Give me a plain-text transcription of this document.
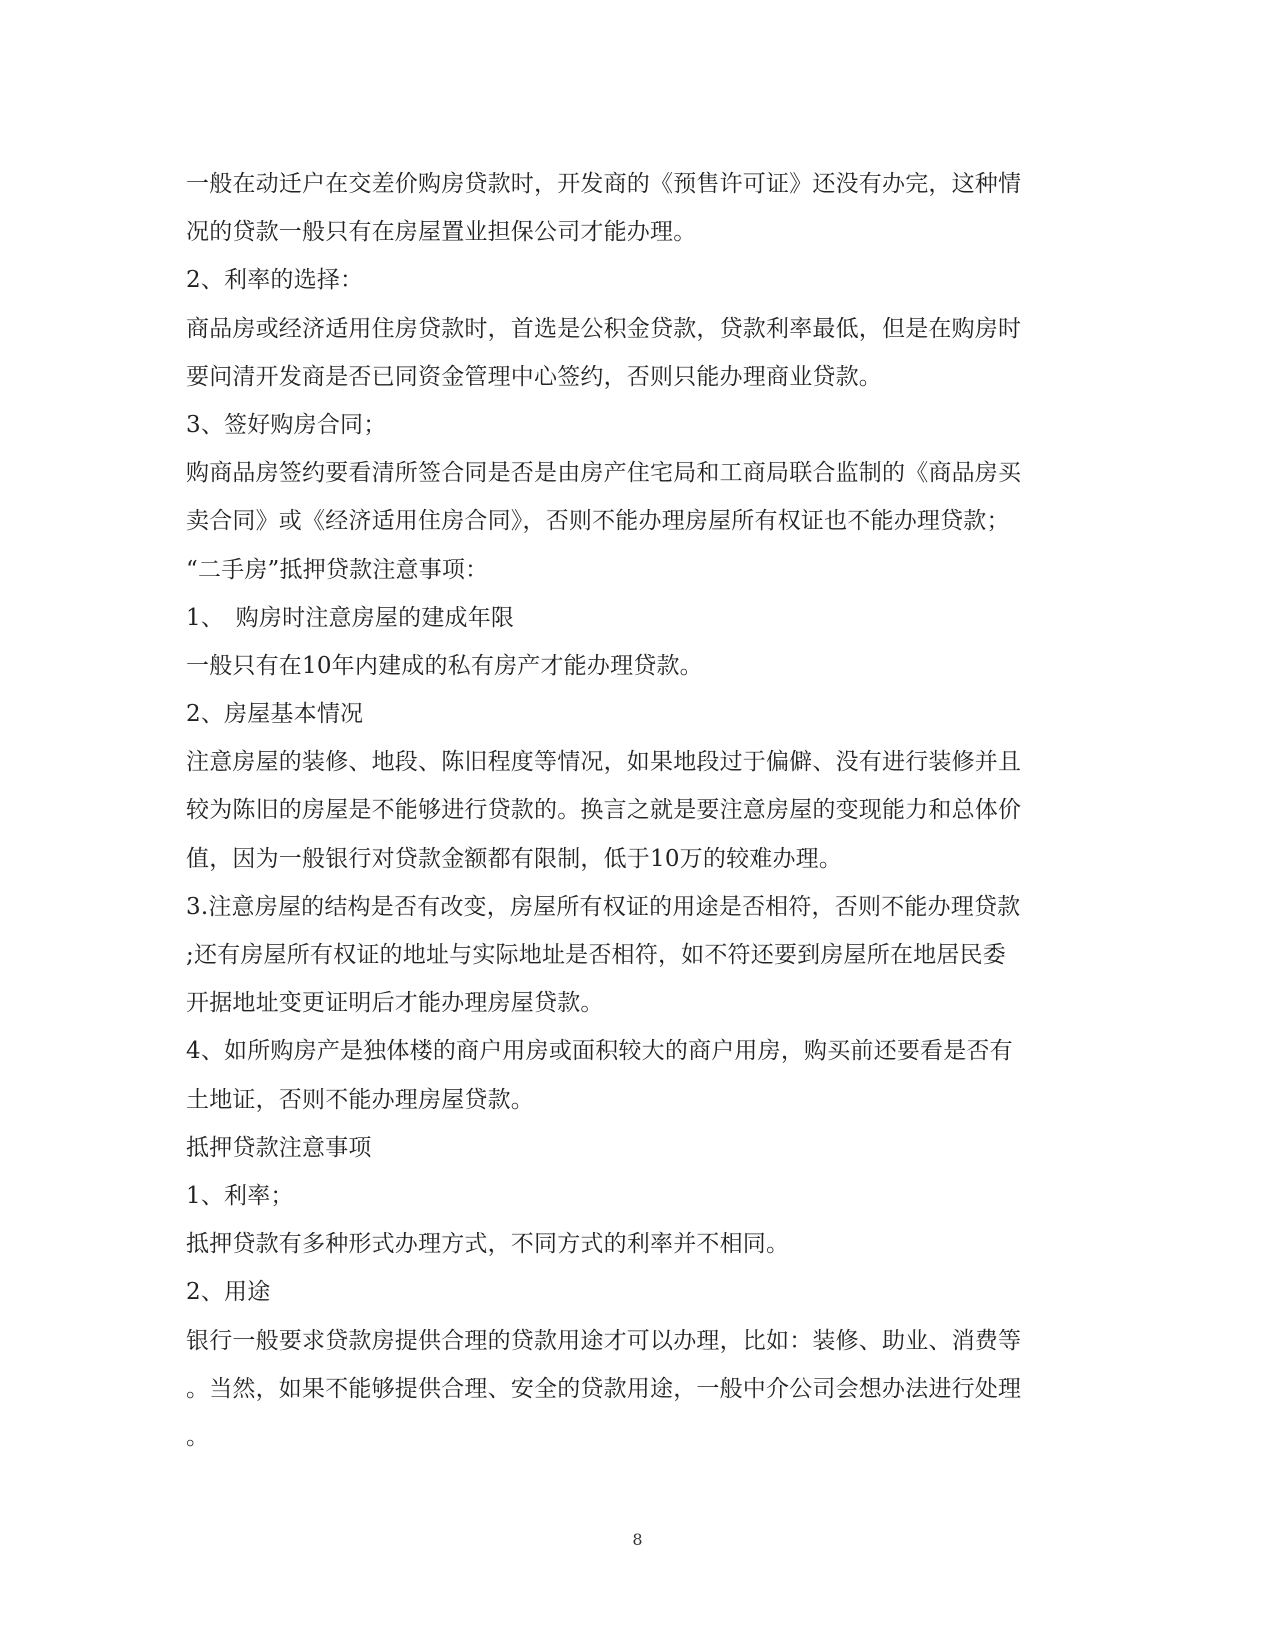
一般在动迁户在交差价购房贷款时，开发商的《预售许可证》还没有办完，这种情
况的贷款一般只有在房屋置业担保公司才能办理。
2、利率的选择：
商品房或经济适用住房贷款时，首选是公积金贷款，贷款利率最低，但是在购房时
要问清开发商是否已同资金管理中心签约，否则只能办理商业贷款。
3、签好购房合同；
购商品房签约要看清所签合同是否是由房产住宅局和工商局联合监制的《商品房买
卖合同》或《经济适用住房合同》，否则不能办理房屋所有权证也不能办理贷款；
“二手房”抵押贷款注意事项：
1、　购房时注意房屋的建成年限
一般只有在10年内建成的私有房产才能办理贷款。
2、房屋基本情况
注意房屋的装修、地段、陈旧程度等情况，如果地段过于偏僻、没有进行装修并且
较为陈旧的房屋是不能够进行贷款的。换言之就是要注意房屋的变现能力和总体价
值，因为一般银行对贷款金额都有限制，低于10万的较难办理。
3.注意房屋的结构是否有改变，房屋所有权证的用途是否相符，否则不能办理贷款
;还有房屋所有权证的地址与实际地址是否相符，如不符还要到房屋所在地居民委
开据地址变更证明后才能办理房屋贷款。
4、如所购房产是独体楼的商户用房或面积较大的商户用房，购买前还要看是否有
土地证，否则不能办理房屋贷款。
抵押贷款注意事项
1、利率；
抵押贷款有多种形式办理方式，不同方式的利率并不相同。
2、用途
银行一般要求贷款房提供合理的贷款用途才可以办理，比如：装修、助业、消费等
。当然，如果不能够提供合理、安全的贷款用途，一般中介公司会想办法进行处理
。
8
